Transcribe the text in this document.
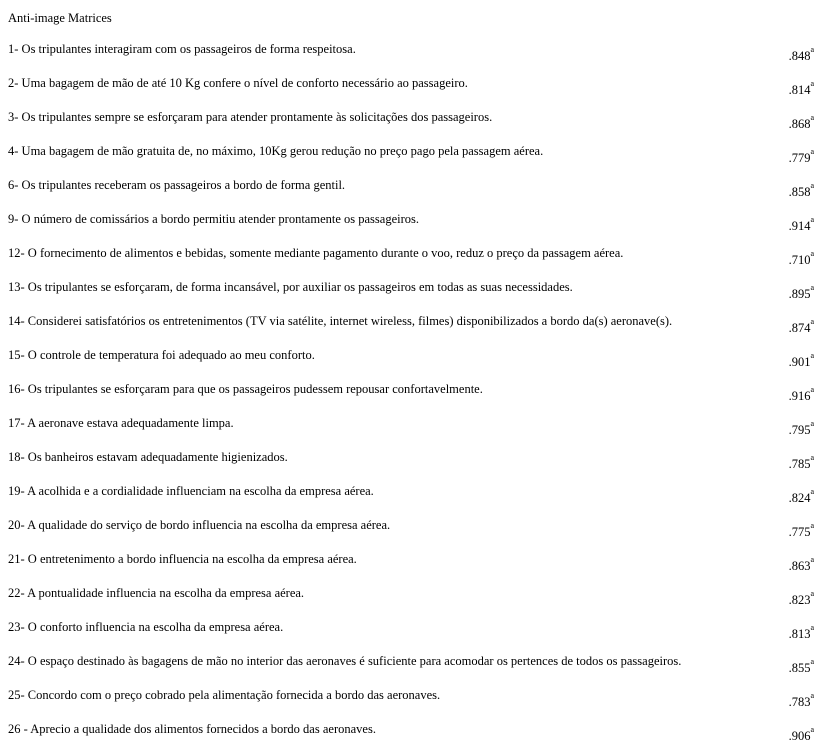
Anti-image Matrices
1- Os tripulantes interagiram com os passageiros de forma respeitosa.	.848a
2- Uma bagagem de mão de até 10 Kg confere o nível de conforto necessário ao passageiro.	.814a
3- Os tripulantes sempre se esforçaram para atender prontamente às solicitações dos passageiros.	.868a
4- Uma bagagem de mão gratuita de, no máximo, 10Kg gerou redução no preço pago pela passagem aérea.	.779a
6- Os tripulantes receberam os passageiros a bordo de forma gentil.	.858a
9- O número de comissários a bordo permitiu atender prontamente os passageiros.	.914a
12- O fornecimento de alimentos e bebidas, somente mediante pagamento durante o voo, reduz o preço da passagem aérea.	.710a
13- Os tripulantes se esforçaram, de forma incansável, por auxiliar os passageiros em todas as suas necessidades.	.895a
14- Considerei satisfatórios os entretenimentos (TV via satélite, internet wireless, filmes) disponibilizados a bordo da(s) aeronave(s).	.874a
15- O controle de temperatura foi adequado ao meu conforto.	.901a
16- Os tripulantes se esforçaram para que os passageiros pudessem repousar confortavelmente.	.916a
17- A aeronave estava adequadamente limpa.	.795a
18- Os banheiros estavam adequadamente higienizados.	.785a
19- A acolhida e a cordialidade influenciam na escolha da empresa aérea.	.824a
20- A qualidade do serviço de bordo influencia na escolha da empresa aérea.	.775a
21- O entretenimento a bordo influencia na escolha da empresa aérea.	.863a
22- A pontualidade influencia na escolha da empresa aérea.	.823a
23- O conforto influencia na escolha da empresa aérea.	.813a
24- O espaço destinado às bagagens de mão no interior das aeronaves é suficiente para acomodar os pertences de todos os passageiros.	.855a
25- Concordo com o preço cobrado pela alimentação fornecida a bordo das aeronaves.	.783a
26 - Aprecio a qualidade dos alimentos fornecidos a bordo das aeronaves.	.906a
